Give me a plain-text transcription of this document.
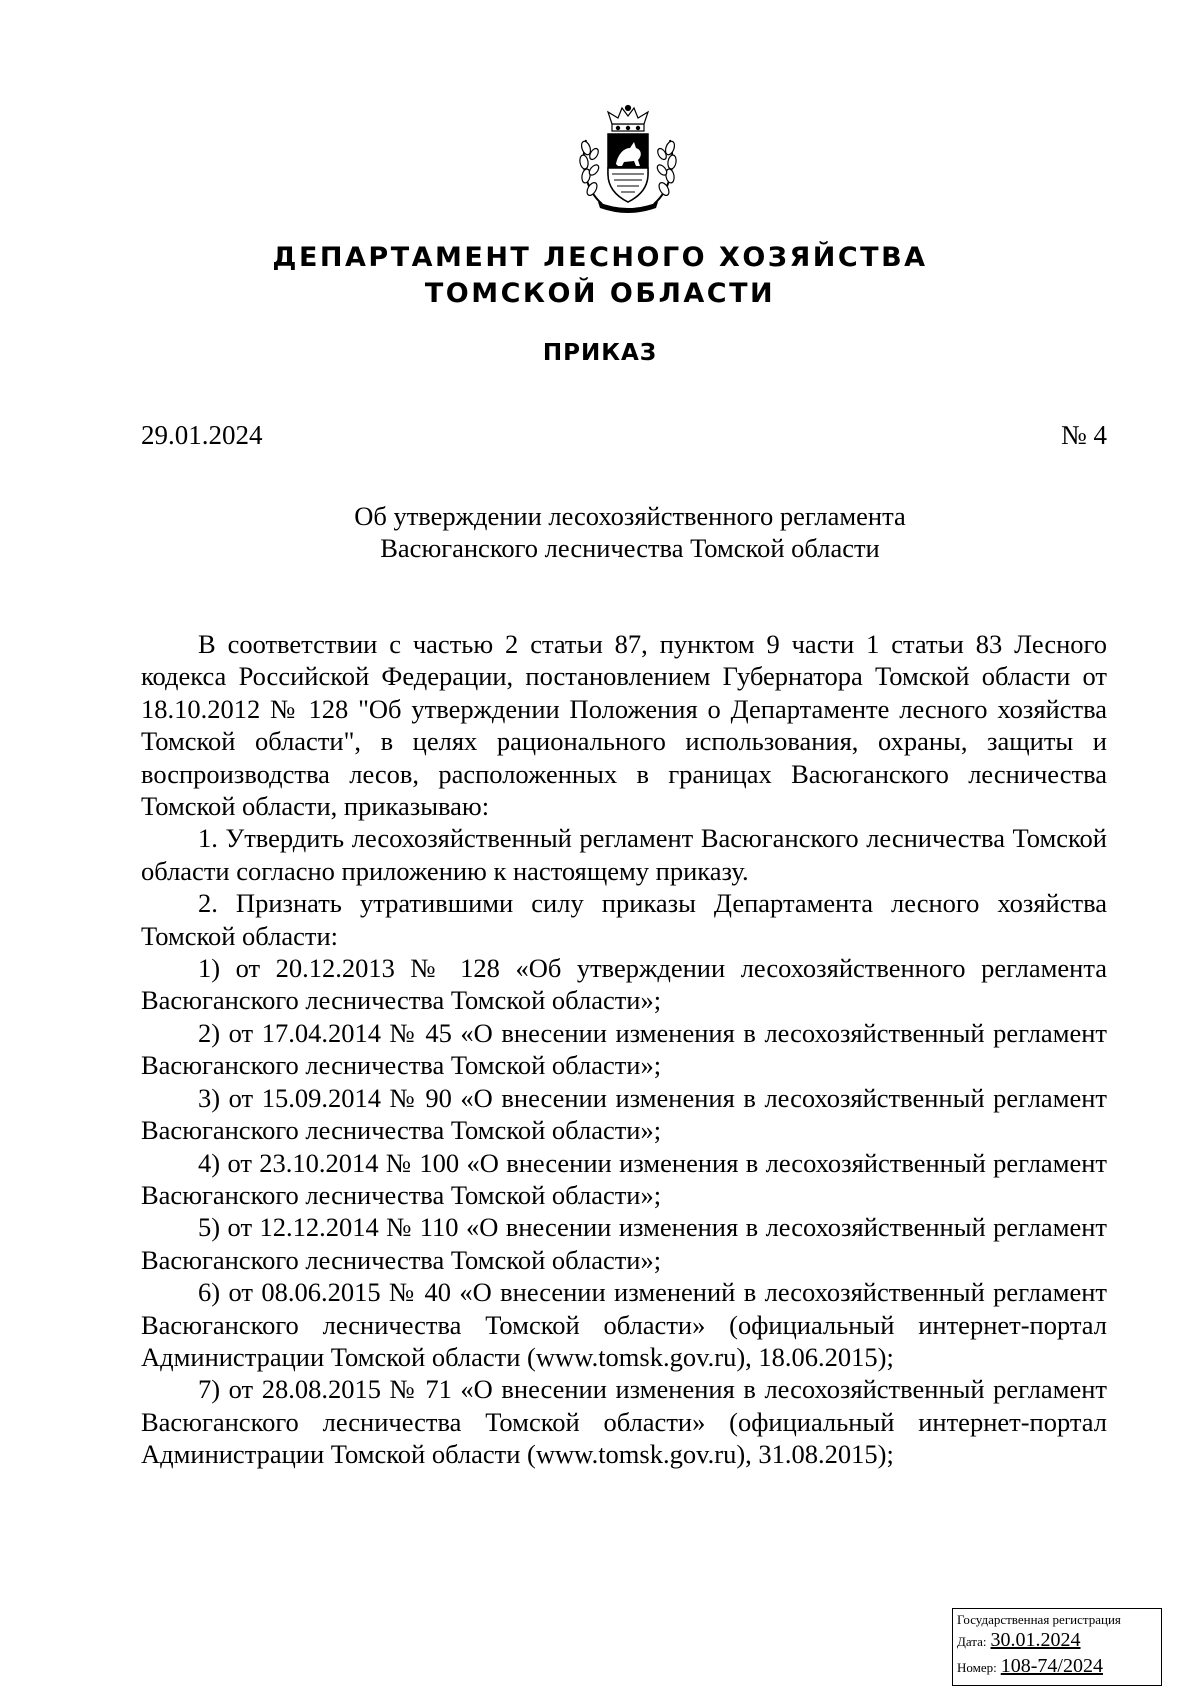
ДЕПАРТАМЕНТ ЛЕСНОГО ХОЗЯЙСТВА
ТОМСКОЙ ОБЛАСТИ
ПРИКАЗ
29.01.2024	№ 4
Об утверждении лесохозяйственного регламента
Васюганского лесничества Томской области

В соответствии с частью 2 статьи 87, пунктом 9 части 1 статьи 83 Лесного кодекса Российской Федерации, постановлением Губернатора Томской области от 18.10.2012 № 128 "Об утверждении Положения о Департаменте лесного хозяйства Томской области", в целях рационального использования, охраны, защиты и воспроизводства лесов, расположенных в границах Васюганского лесничества Томской области, приказываю:

1. Утвердить лесохозяйственный регламент Васюганского лесничества Томской области согласно приложению к настоящему приказу.

2. Признать утратившими силу приказы Департамента лесного хозяйства Томской области:

1) от 20.12.2013 № 128 «Об утверждении лесохозяйственного регламента Васюганского лесничества Томской области»;

2) от 17.04.2014 № 45 «О внесении изменения в лесохозяйственный регламент Васюганского лесничества Томской области»;

3) от 15.09.2014 № 90 «О внесении изменения в лесохозяйственный регламент Васюганского лесничества Томской области»;

4) от 23.10.2014 № 100 «О внесении изменения в лесохозяйственный регламент Васюганского лесничества Томской области»;

5) от 12.12.2014 № 110 «О внесении изменения в лесохозяйственный регламент Васюганского лесничества Томской области»;

6) от 08.06.2015 № 40 «О внесении изменений в лесохозяйственный регламент Васюганского лесничества Томской области» (официальный интернет-портал Администрации Томской области (www.tomsk.gov.ru), 18.06.2015);

7) от 28.08.2015 № 71 «О внесении изменения в лесохозяйственный регламент Васюганского лесничества Томской области» (официальный интернет-портал Администрации Томской области (www.tomsk.gov.ru), 31.08.2015);

Государственная регистрация
Дата: 30.01.2024
Номер: 108-74/2024
